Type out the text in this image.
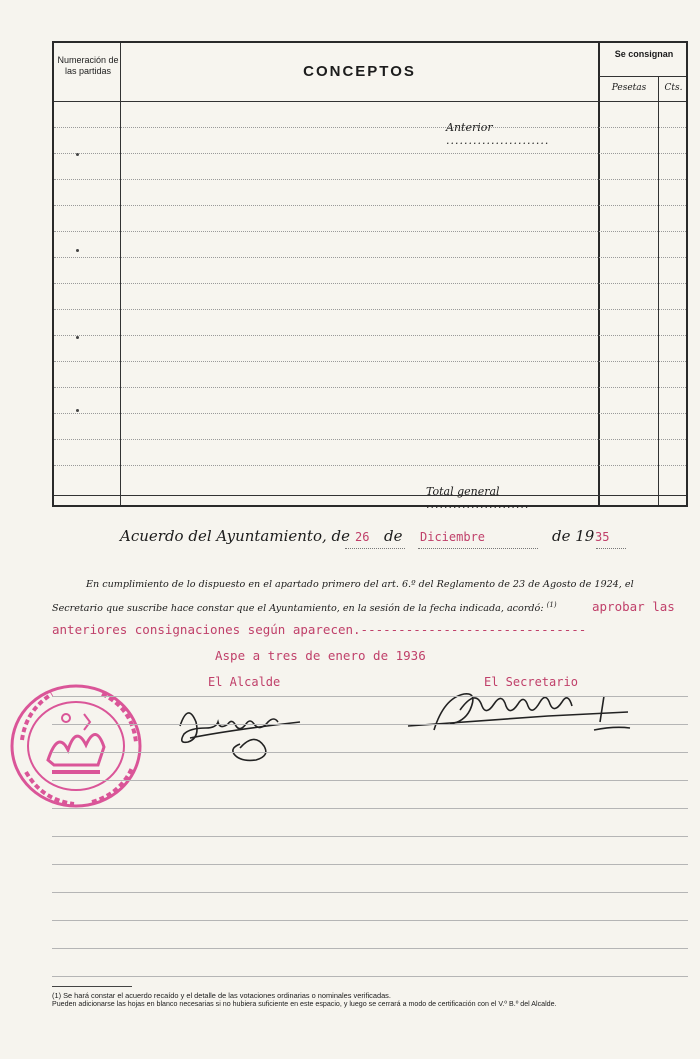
Numeración de las partidas	CONCEPTOS
Se consignan
Pesetas	Cts.
Anterior .......................
Total general .......................
Acuerdo del Ayuntamiento, de 26 de Diciembre	de 19 35
En cumplimiento de lo dispuesto en el apartado primero del art. 6.º del Reglamento de 23 de Agosto de 1924, el
Secretario que suscribe hace constar que el Ayuntamiento, en la sesión de la fecha indicada, acordó: $^{(1)}$	aprobar las
anteriores consignaciones según aparecen.------------------------------
Aspe a tres de enero de 1936
El Alcalde	El Secretario
(1) Se hará constar el acuerdo recaído y el detalle de las votaciones ordinarias o nominales verificadas.
Pueden adicionarse las hojas en blanco necesarias si no hubiera suficiente en este espacio, y luego se cerrará a modo de certificación con el V.º B.º del Alcalde.
